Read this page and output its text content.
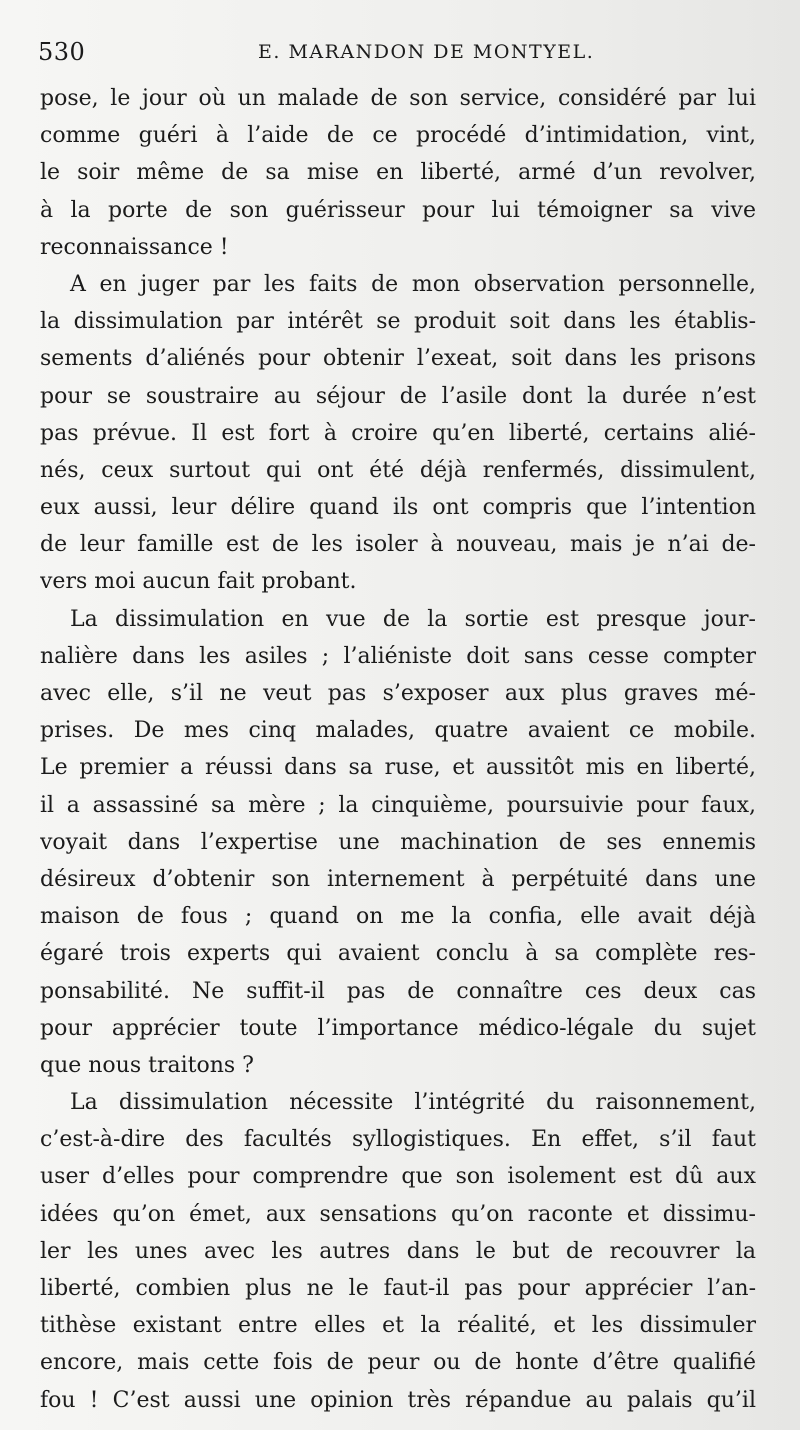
530	E. MARANDON DE MONTYEL.
pose, le jour où un malade de son service, considéré par lui
comme guéri à l’aide de ce procédé d’intimidation, vint,
le soir même de sa mise en liberté, armé d’un revolver,
à la porte de son guérisseur pour lui témoigner sa vive
reconnaissance !
A en juger par les faits de mon observation personnelle,
la dissimulation par intérêt se produit soit dans les établis-
sements d’aliénés pour obtenir l’exeat, soit dans les prisons
pour se soustraire au séjour de l’asile dont la durée n’est
pas prévue. Il est fort à croire qu’en liberté, certains alié-
nés, ceux surtout qui ont été déjà renfermés, dissimulent,
eux aussi, leur délire quand ils ont compris que l’intention
de leur famille est de les isoler à nouveau, mais je n’ai de-
vers moi aucun fait probant.
La dissimulation en vue de la sortie est presque jour-
nalière dans les asiles ; l’aliéniste doit sans cesse compter
avec elle, s’il ne veut pas s’exposer aux plus graves mé-
prises. De mes cinq malades, quatre avaient ce mobile.
Le premier a réussi dans sa ruse, et aussitôt mis en liberté,
il a assassiné sa mère ; la cinquième, poursuivie pour faux,
voyait dans l’expertise une machination de ses ennemis
désireux d’obtenir son internement à perpétuité dans une
maison de fous ; quand on me la confia, elle avait déjà
égaré trois experts qui avaient conclu à sa complète res-
ponsabilité. Ne suffit-il pas de connaître ces deux cas
pour apprécier toute l’importance médico-légale du sujet
que nous traitons ?
La dissimulation nécessite l’intégrité du raisonnement,
c’est-à-dire des facultés syllogistiques. En effet, s’il faut
user d’elles pour comprendre que son isolement est dû aux
idées qu’on émet, aux sensations qu’on raconte et dissimu-
ler les unes avec les autres dans le but de recouvrer la
liberté, combien plus ne le faut-il pas pour apprécier l’an-
tithèse existant entre elles et la réalité, et les dissimuler
encore, mais cette fois de peur ou de honte d’être qualifié
fou ! C’est aussi une opinion très répandue au palais qu’il
